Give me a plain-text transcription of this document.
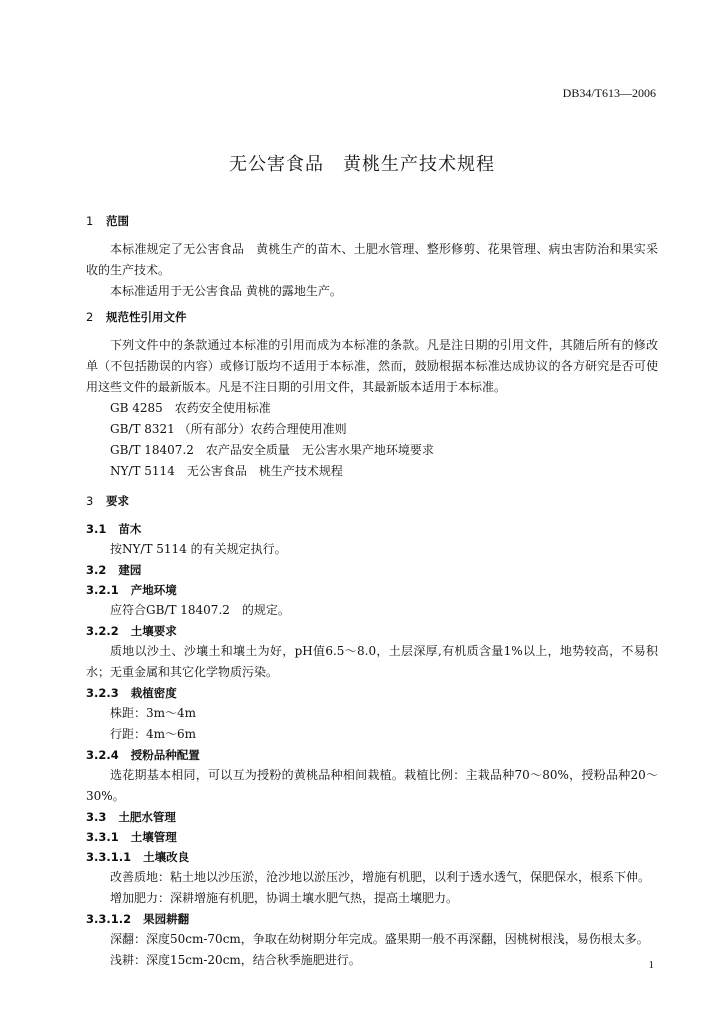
DB34/T613—2006
无公害食品　黄桃生产技术规程
1 范围
本标准规定了无公害食品　黄桃生产的苗木、土肥水管理、整形修剪、花果管理、病虫害防治和果实采收的生产技术。
本标准适用于无公害食品 黄桃的露地生产。
2 规范性引用文件
下列文件中的条款通过本标准的引用而成为本标准的条款。凡是注日期的引用文件，其随后所有的修改单（不包括勘误的内容）或修订版均不适用于本标准，然而，鼓励根据本标准达成协议的各方研究是否可使用这些文件的最新版本。凡是不注日期的引用文件，其最新版本适用于本标准。
GB 4285　农药安全使用标准
GB/T 8321 （所有部分）农药合理使用准则
GB/T 18407.2　农产品安全质量　无公害水果产地环境要求
NY/T 5114　无公害食品　桃生产技术规程
3 要求
3.1 苗木
按NY/T 5114 的有关规定执行。
3.2 建园
3.2.1 产地环境
应符合GB/T 18407.2　的规定。
3.2.2 土壤要求
质地以沙土、沙壤土和壤土为好，pH值6.5～8.0，土层深厚,有机质含量1%以上，地势较高，不易积水；无重金属和其它化学物质污染。
3.2.3 栽植密度
株距：3m～4m
行距：4m～6m
3.2.4 授粉品种配置
选花期基本相同，可以互为授粉的黄桃品种相间栽植。栽植比例：主栽品种70～80%，授粉品种20～30%。
3.3 土肥水管理
3.3.1 土壤管理
3.3.1.1 土壤改良
改善质地：粘土地以沙压淤，沧沙地以淤压沙，增施有机肥，以利于透水透气，保肥保水，根系下伸。
增加肥力：深耕增施有机肥，协调土壤水肥气热，提高土壤肥力。
3.3.1.2 果园耕翻
深翻：深度50cm-70cm，争取在幼树期分年完成。盛果期一般不再深翻，因桃树根浅，易伤根太多。
浅耕：深度15cm-20cm，结合秋季施肥进行。	1
